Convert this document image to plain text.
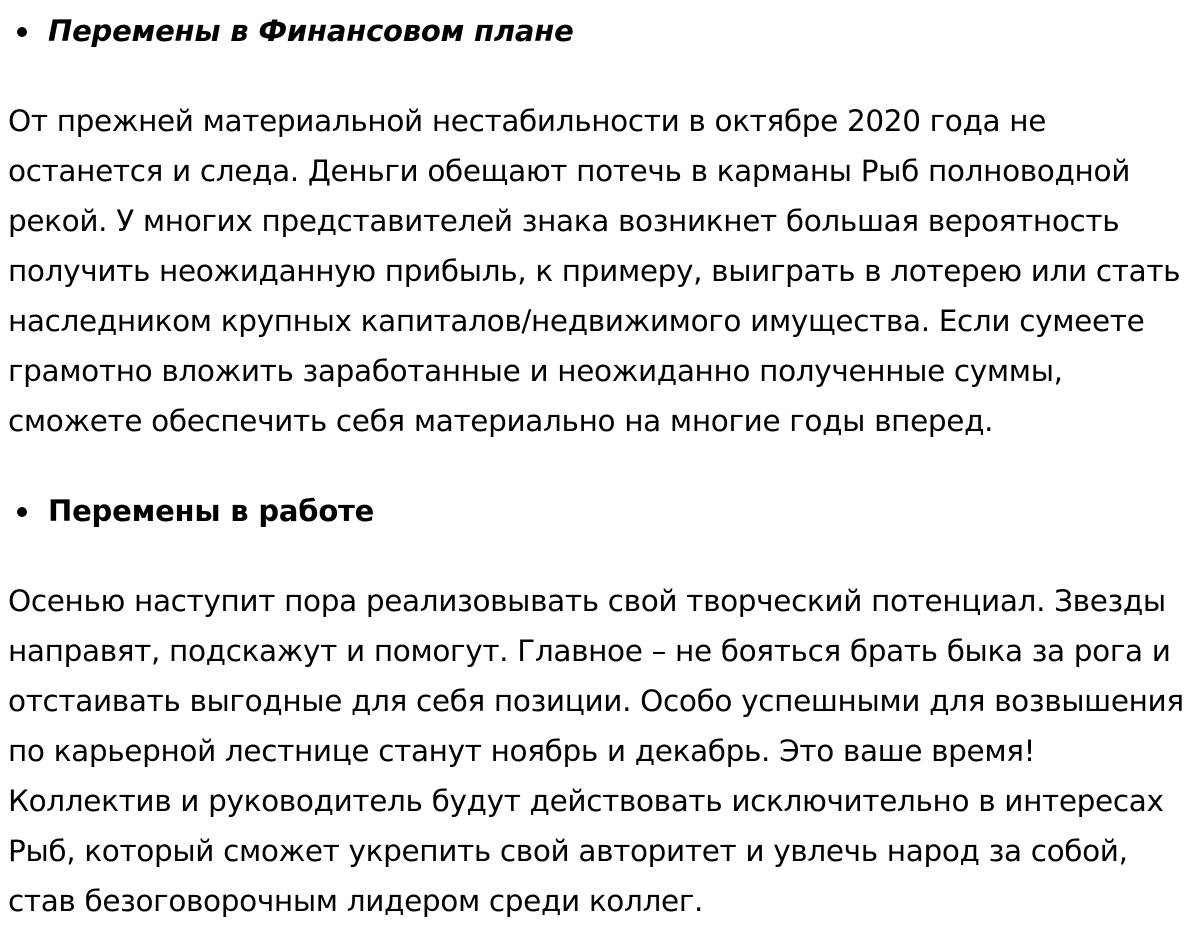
Перемены в Финансовом плане

От прежней материальной нестабильности в октябре 2020 года не останется и следа. Деньги обещают потечь в карманы Рыб полноводной рекой. У многих представителей знака возникнет большая вероятность получить неожиданную прибыль, к примеру, выиграть в лотерею или стать наследником крупных капиталов/недвижимого имущества. Если сумеете грамотно вложить заработанные и неожиданно полученные суммы, сможете обеспечить себя материально на многие годы вперед.

Перемены в работе

Осенью наступит пора реализовывать свой творческий потенциал. Звезды направят, подскажут и помогут. Главное – не бояться брать быка за рога и отстаивать выгодные для себя позиции. Особо успешными для возвышения по карьерной лестнице станут ноябрь и декабрь. Это ваше время! Коллектив и руководитель будут действовать исключительно в интересах Рыб, который сможет укрепить свой авторитет и увлечь народ за собой, став безоговорочным лидером среди коллег.
